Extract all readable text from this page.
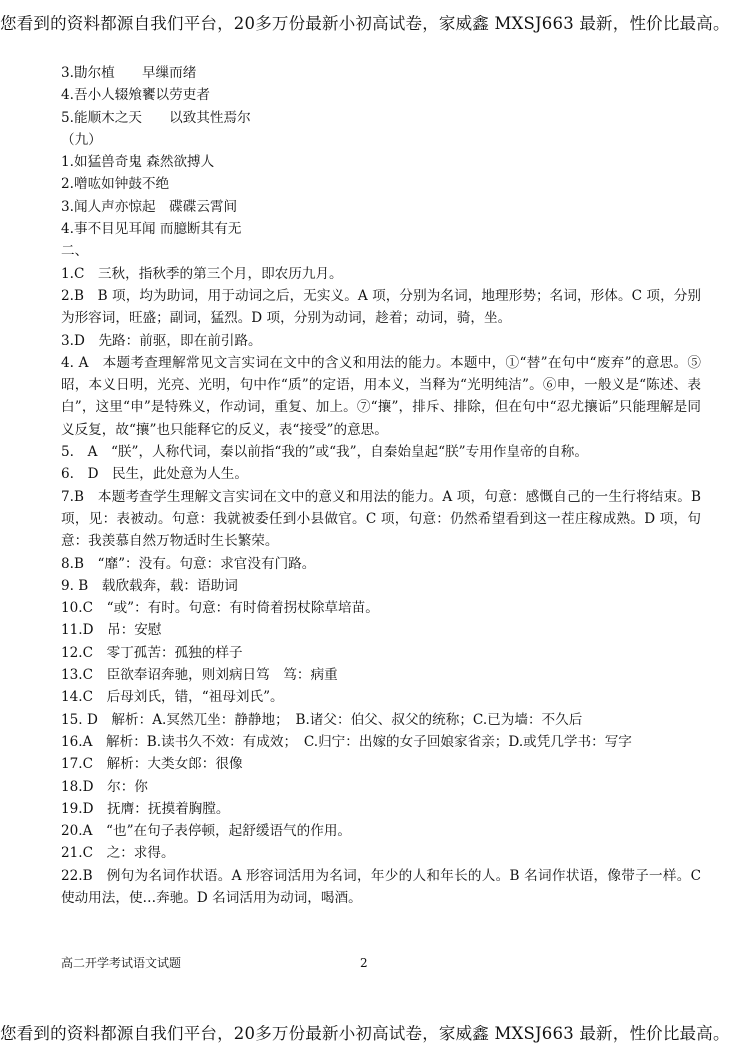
您看到的资料都源自我们平台，20多万份最新小初高试卷，家威鑫 MXSJ663 最新，性价比最高。
3.勖尔植　　早缫而绪
4.吾小人辍飧饔以劳吏者
5.能顺木之天　　以致其性焉尔
（九）
1.如猛兽奇鬼 森然欲搏人
2.噌吰如钟鼓不绝
3.闻人声亦惊起　碟碟云霄间
4.事不目见耳闻 而臆断其有无
二、
1.C　三秋，指秋季的第三个月，即农历九月。
2.B　B 项，均为助词，用于动词之后，无实义。A 项，分别为名词，地理形势；名词，形体。C 项，分别为形容词，旺盛；副词，猛烈。D 项，分别为动词，趁着；动词，骑，坐。
3.D　先路：前驱，即在前引路。
4. A　本题考查理解常见文言实词在文中的含义和用法的能力。本题中，①“替”在句中“废弃”的意思。⑤昭，本义日明，光亮、光明，句中作“质”的定语，用本义，当释为“光明纯洁”。⑥申，一般义是“陈述、表白”，这里“申”是特殊义，作动词，重复、加上。⑦“攘”，排斥、排除，但在句中“忍尤攘诟”只能理解是同义反复，故“攘”也只能释它的反义，表“接受”的意思。
5.　A　“朕”，人称代词，秦以前指“我的”或“我”，自秦始皇起“朕”专用作皇帝的自称。
6.　D　民生，此处意为人生。
7.B　本题考查学生理解文言实词在文中的意义和用法的能力。A 项，句意：感慨自己的一生行将结束。B 项，见：表被动。句意：我就被委任到小县做官。C 项，句意：仍然希望看到这一茬庄稼成熟。D 项，句意：我羡慕自然万物适时生长繁荣。
8.B　“靡”：没有。句意：求官没有门路。
9. B　载欣载奔，载：语助词
10.C　“或”：有时。句意：有时倚着拐杖除草培苗。
11.D　吊：安慰
12.C　零丁孤苦：孤独的样子
13.C　臣欲奉诏奔驰，则刘病日笃　笃：病重
14.C　后母刘氏，错，“祖母刘氏”。
15. D　解析：A.冥然兀坐：静静地；　B.诸父：伯父、叔父的统称；C.已为墙：不久后
16.A　解析：B.读书久不效：有成效；　C.归宁：出嫁的女子回娘家省亲；D.或凭几学书：写字
17.C　解析：大类女郎：很像
18.D　尔：你
19.D　抚膺：抚摸着胸膛。
20.A　“也”在句子表停顿，起舒缓语气的作用。
21.C　之：求得。
22.B　例句为名词作状语。A 形容词活用为名词，年少的人和年长的人。B 名词作状语，像带子一样。C 使动用法，使…奔驰。D 名词活用为动词，喝酒。
高二开学考试语文试题	2
您看到的资料都源自我们平台，20多万份最新小初高试卷，家威鑫 MXSJ663 最新，性价比最高。
